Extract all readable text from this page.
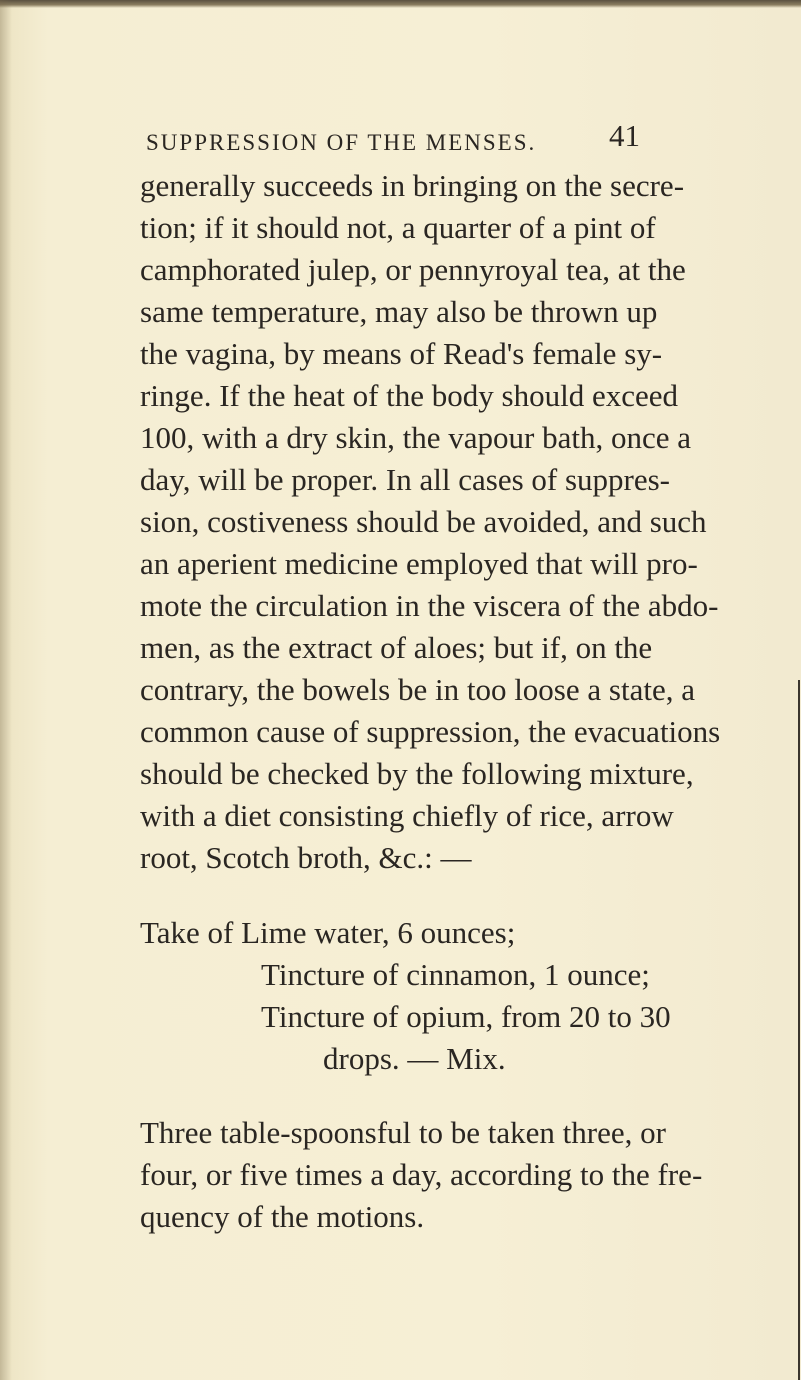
SUPPRESSION OF THE MENSES. 41
generally succeeds in bringing on the secre-
tion; if it should not, a quarter of a pint of
camphorated julep, or pennyroyal tea, at the
same temperature, may also be thrown up
the vagina, by means of Read's female sy-
ringe. If the heat of the body should exceed
100, with a dry skin, the vapour bath, once a
day, will be proper. In all cases of suppres-
sion, costiveness should be avoided, and such
an aperient medicine employed that will pro-
mote the circulation in the viscera of the abdo-
men, as the extract of aloes; but if, on the
contrary, the bowels be in too loose a state, a
common cause of suppression, the evacuations
should be checked by the following mixture,
with a diet consisting chiefly of rice, arrow
root, Scotch broth, &c.: —
Take of Lime water, 6 ounces;
Tincture of cinnamon, 1 ounce;
Tincture of opium, from 20 to 30
drops. — Mix.
Three table-spoonsful to be taken three, or
four, or five times a day, according to the fre-
quency of the motions.
